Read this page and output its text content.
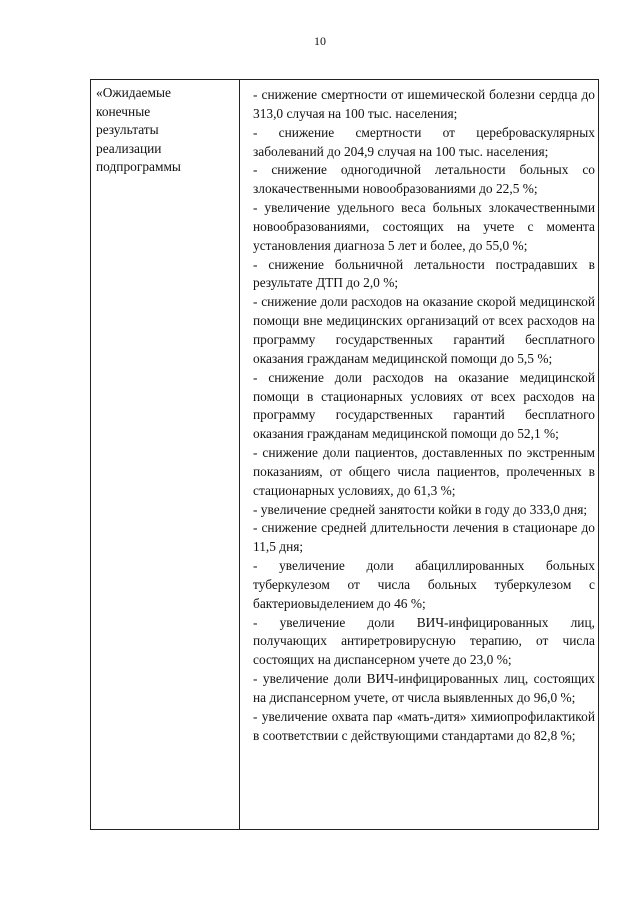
10
«Ожидаемые
конечные
результаты
реализации
подпрограммы
- снижение смертности от ишемической болезни сердца до 313,0 случая на 100 тыс. населения;
- снижение смертности от цереброваскулярных заболеваний до 204,9 случая на 100 тыс. населения;
- снижение одногодичной летальности больных со злокачественными новообразованиями до 22,5 %;
- увеличение удельного веса больных злокачественными новообразованиями, состоящих на учете с момента установления диагноза 5 лет и более, до 55,0 %;
- снижение больничной летальности пострадавших в результате ДТП до 2,0 %;
- снижение доли расходов на оказание скорой медицинской помощи вне медицинских организаций от всех расходов на программу государственных гарантий бесплатного оказания гражданам медицинской помощи до 5,5 %;
- снижение доли расходов на оказание медицинской помощи в стационарных условиях от всех расходов на программу государственных гарантий бесплатного оказания гражданам медицинской помощи до 52,1 %;
- снижение доли пациентов, доставленных по экстренным показаниям, от общего числа пациентов, пролеченных в стационарных условиях, до 61,3 %;
- увеличение средней занятости койки в году до 333,0 дня;
- снижение средней длительности лечения в стационаре до 11,5 дня;
- увеличение доли абациллированных больных туберкулезом от числа больных туберкулезом с бактериовыделением до 46 %;
- увеличение доли ВИЧ-инфицированных лиц, получающих антиретровирусную терапию, от числа состоящих на диспансерном учете до 23,0 %;
- увеличение доли ВИЧ-инфицированных лиц, состоящих на диспансерном учете, от числа выявленных до 96,0 %;
- увеличение охвата пар «мать-дитя» химиопрофилактикой в соответствии с действующими стандартами до 82,8 %;
